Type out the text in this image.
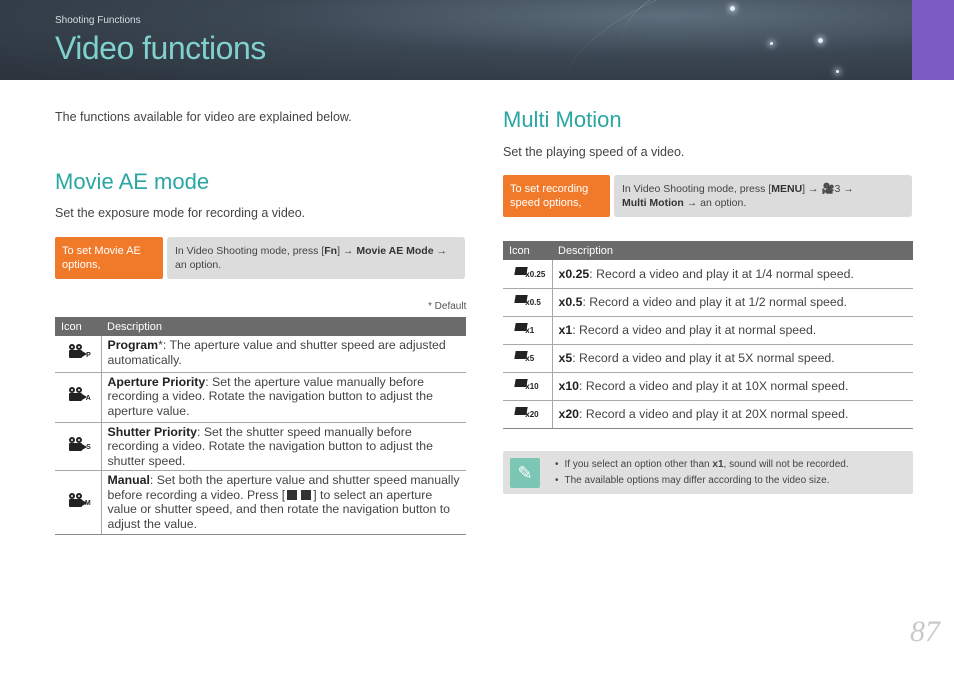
Shooting Functions
Video functions
The functions available for video are explained below.
Movie AE mode
Set the exposure mode for recording a video.
To set Movie AE options,
In Video Shooting mode, press [Fn] → Movie AE Mode → an option.
* Default
Icon	Description

P	Program*: The aperture value and shutter speed are adjusted automatically.

A	Aperture Priority: Set the aperture value manually before recording a video. Rotate the navigation button to adjust the aperture value.

S	Shutter Priority: Set the shutter speed manually before recording a video. Rotate the navigation button to adjust the shutter speed.

M	Manual: Set both the aperture value and shutter speed manually before recording a video. Press [ ] to select an aperture value or shutter speed, and then rotate the navigation button to adjust the value.
Multi Motion
Set the playing speed of a video.
To set recording speed options,
In Video Shooting mode, press [MENU] → 🎥3 →
Multi Motion → an option.
Icon	Description

x0.25	x0.25: Record a video and play it at 1/4 normal speed.

x0.5	x0.5: Record a video and play it at 1/2 normal speed.

x1	x1: Record a video and play it at normal speed.

x5	x5: Record a video and play it at 5X normal speed.

x10	x10: Record a video and play it at 10X normal speed.

x20	x20: Record a video and play it at 20X normal speed.
✎	• If you select an option other than x1, sound will not be recorded.
• The available options may differ according to the video size.
87
